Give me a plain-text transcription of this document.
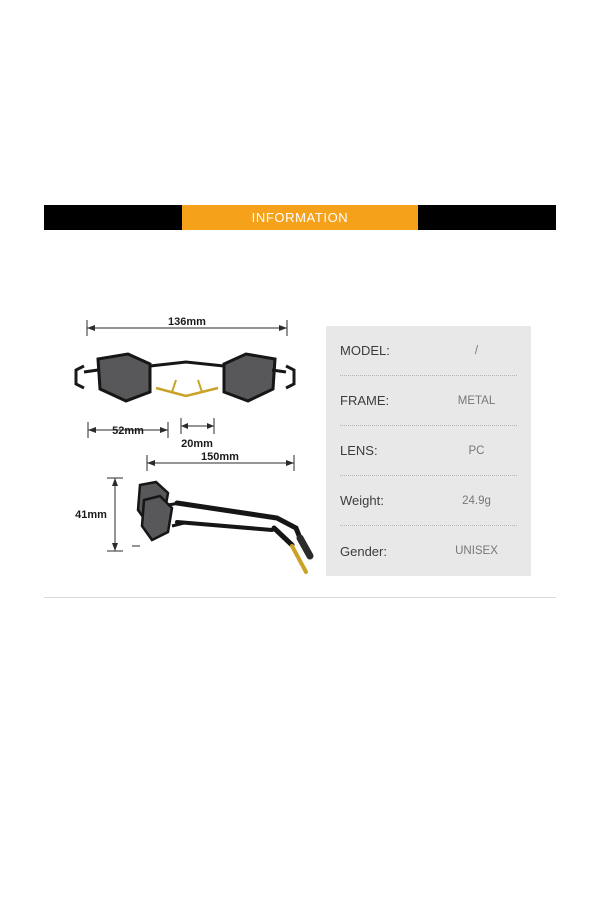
INFORMATION
136mm
52mm
20mm
150mm
41mm
MODEL:	/
FRAME:	METAL
LENS:	PC
Weight:	24.9g
Gender:	UNISEX
